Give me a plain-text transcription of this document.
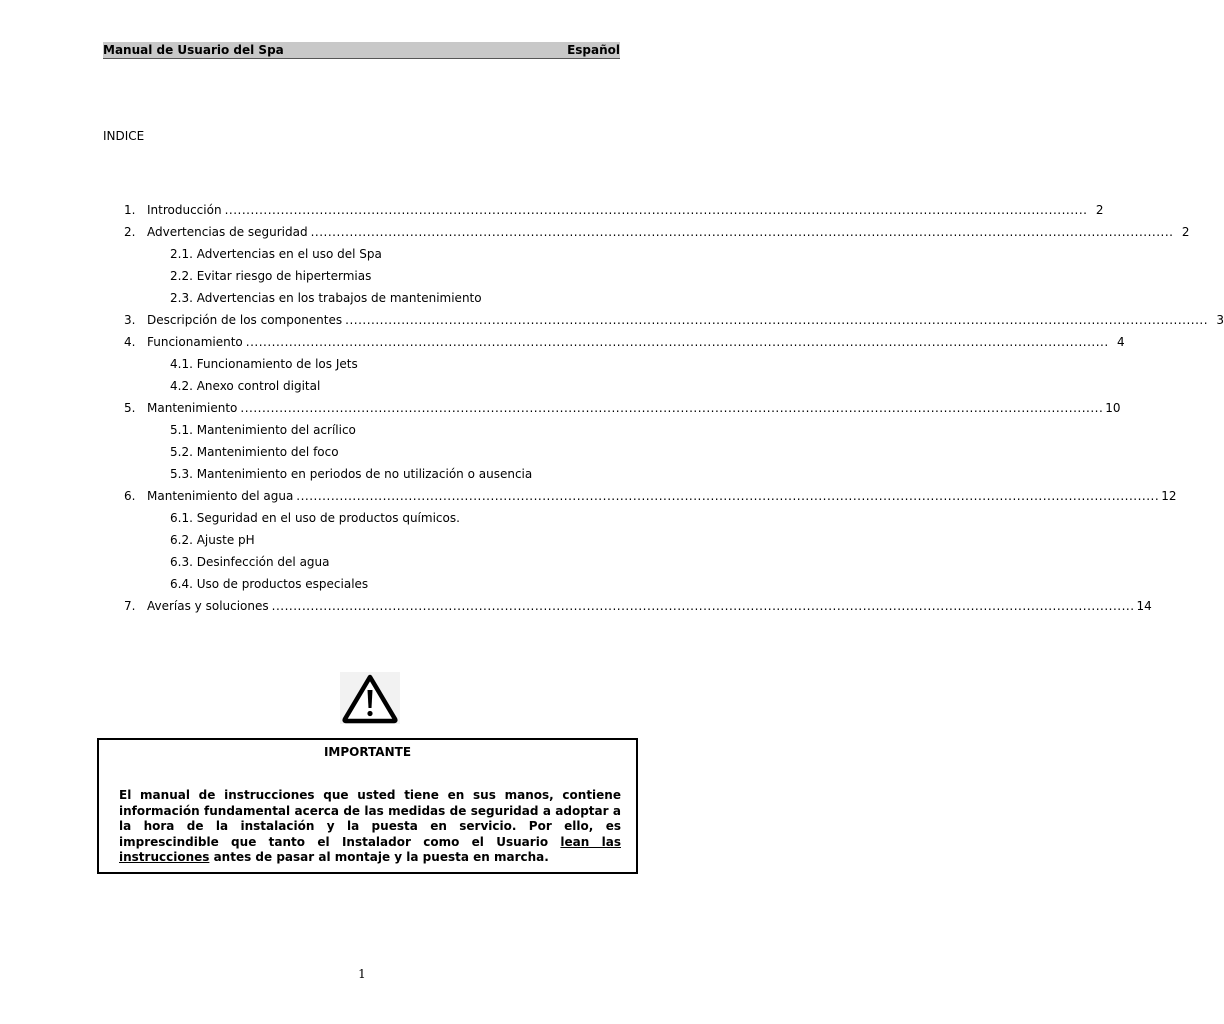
Manual de Usuario del Spa	Español
INDICE
1. Introducción ........................................................................................................................................................................................................ 2
2. Advertencias de seguridad ........................................................................................................................................................................................................ 2
2.1. Advertencias en el uso del Spa
2.2. Evitar riesgo de hipertermias
2.3. Advertencias en los trabajos de mantenimiento
3. Descripción de los componentes ........................................................................................................................................................................................................ 3
4. Funcionamiento ........................................................................................................................................................................................................ 4
4.1. Funcionamiento de los Jets
4.2. Anexo control digital
5. Mantenimiento ........................................................................................................................................................................................................ 10
5.1. Mantenimiento del acrílico
5.2. Mantenimiento del foco
5.3. Mantenimiento en periodos de no utilización o ausencia
6. Mantenimiento del agua ........................................................................................................................................................................................................ 12
6.1. Seguridad en el uso de productos químicos.
6.2. Ajuste pH
6.3. Desinfección del agua
6.4. Uso de productos especiales
7. Averías y soluciones ........................................................................................................................................................................................................ 14
IMPORTANTE
El manual de instrucciones que usted tiene en sus manos, contiene información fundamental acerca de las medidas de seguridad a adoptar a la hora de la instalación y la puesta en servicio. Por ello, es imprescindible que tanto el Instalador como el Usuario lean las instrucciones antes de pasar al montaje y la puesta en marcha.
1
